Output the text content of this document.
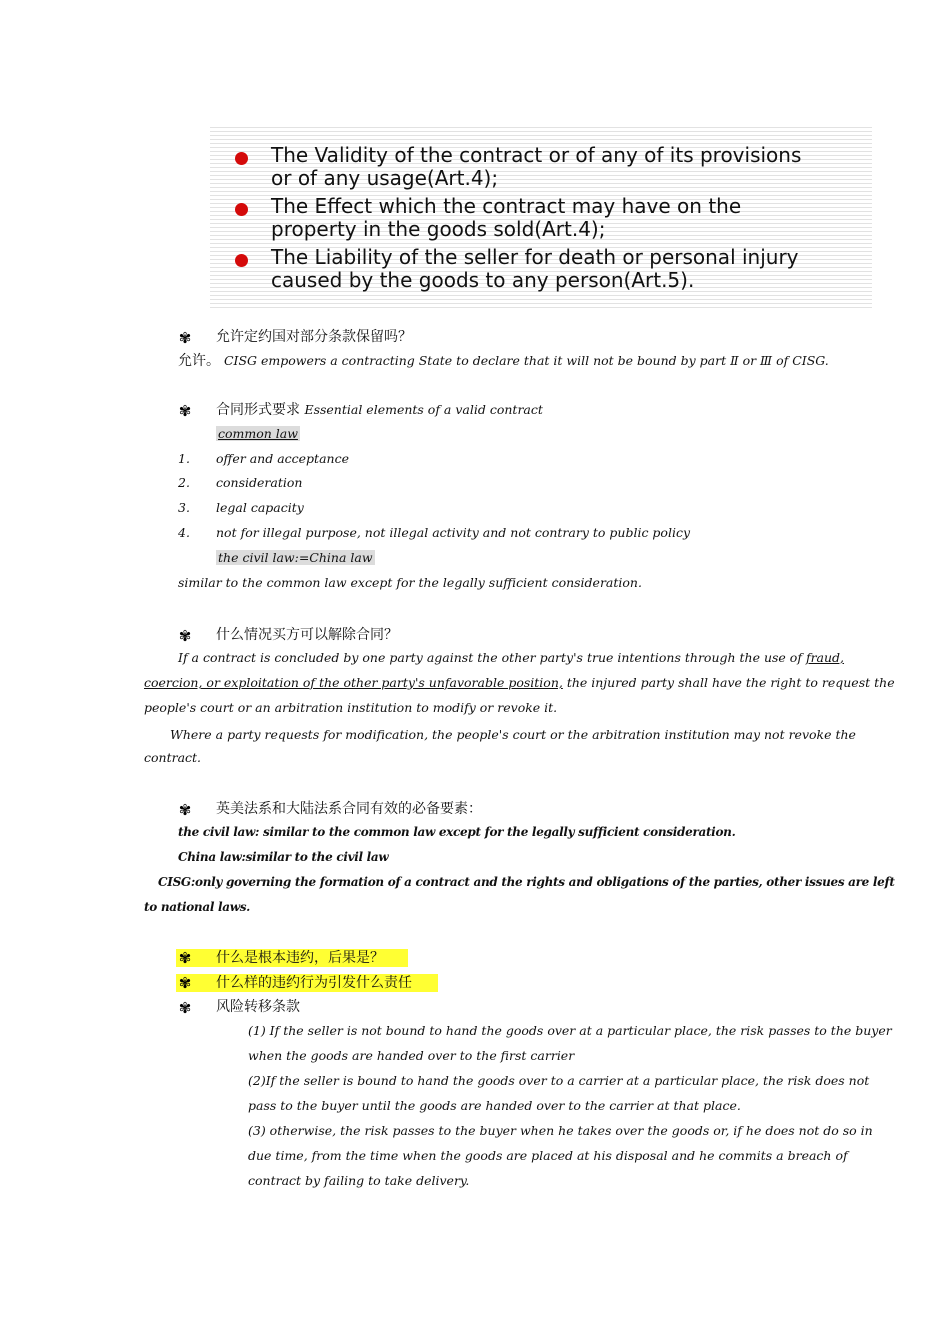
The Validity of the contract or of any of its provisions
or of any usage(Art.4);
The Effect which the contract may have on the
property in the goods sold(Art.4);
The Liability of the seller for death or personal injury
caused by the goods to any person(Art.5).
✾ 允许定约国对部分条款保留吗？
允许。 CISG empowers a contracting State to declare that it will not be bound by part Ⅱ or Ⅲ of CISG.
✾ 合同形式要求 Essential elements of a valid contract
common law
1. offer and acceptance
2. consideration
3. legal capacity
4. not for illegal purpose, not illegal activity and not contrary to public policy
the civil law:=China law
similar to the common law except for the legally sufficient consideration.
✾ 什么情况买方可以解除合同？
If a contract is concluded by one party against the other party's true intentions through the use of fraud,
coercion, or exploitation of the other party's unfavorable position, the injured party shall have the right to request the
people's court or an arbitration institution to modify or revoke it.
Where a party requests for modification, the people's court or the arbitration institution may not revoke the
contract.
✾ 英美法系和大陆法系合同有效的必备要素：
the civil law: similar to the common law except for the legally sufficient consideration.
China law:similar to the civil law
CISG:only governing the formation of a contract and the rights and obligations of the parties, other issues are left
to national laws.
✾ 什么是根本违约，后果是？
✾ 什么样的违约行为引发什么责任
✾ 风险转移条款
(1) If the seller is not bound to hand the goods over at a particular place, the risk passes to the buyer
when the goods are handed over to the first carrier
(2)If the seller is bound to hand the goods over to a carrier at a particular place, the risk does not
pass to the buyer until the goods are handed over to the carrier at that place.
(3) otherwise, the risk passes to the buyer when he takes over the goods or, if he does not do so in
due time, from the time when the goods are placed at his disposal and he commits a breach of
contract by failing to take delivery.
